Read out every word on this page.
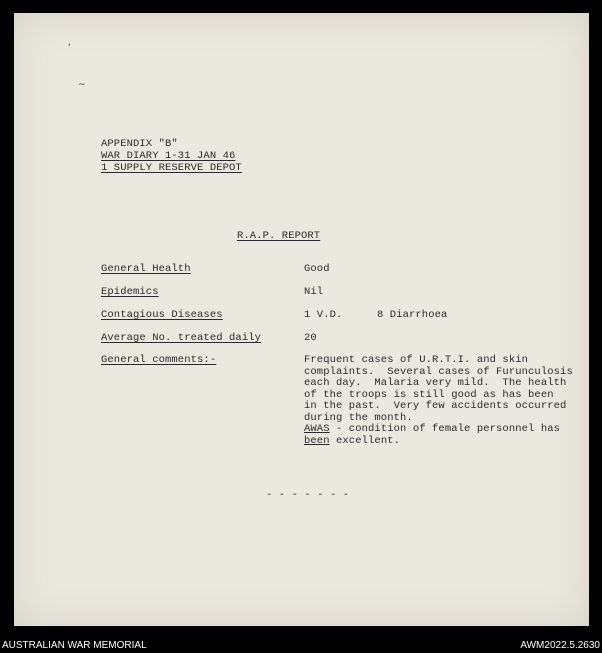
'
~
APPENDIX "B"
WAR DIARY 1-31 JAN 46
1 SUPPLY RESERVE DEPOT
R.A.P. REPORT
General Health	Good
Epidemics	Nil
Contagious Diseases	1 V.D.	8 Diarrhoea
Average No. treated daily	20
General comments:-	Frequent cases of U.R.T.I. and skin
complaints.  Several cases of Furunculosis
each day.  Malaria very mild.  The health
of the troops is still good as has been
in the past.  Very few accidents occurred
during the month.
AWAS - condition of female personnel has
been excellent.
- - - - - - -
AUSTRALIAN WAR MEMORIAL	AWM2022.5.2630
